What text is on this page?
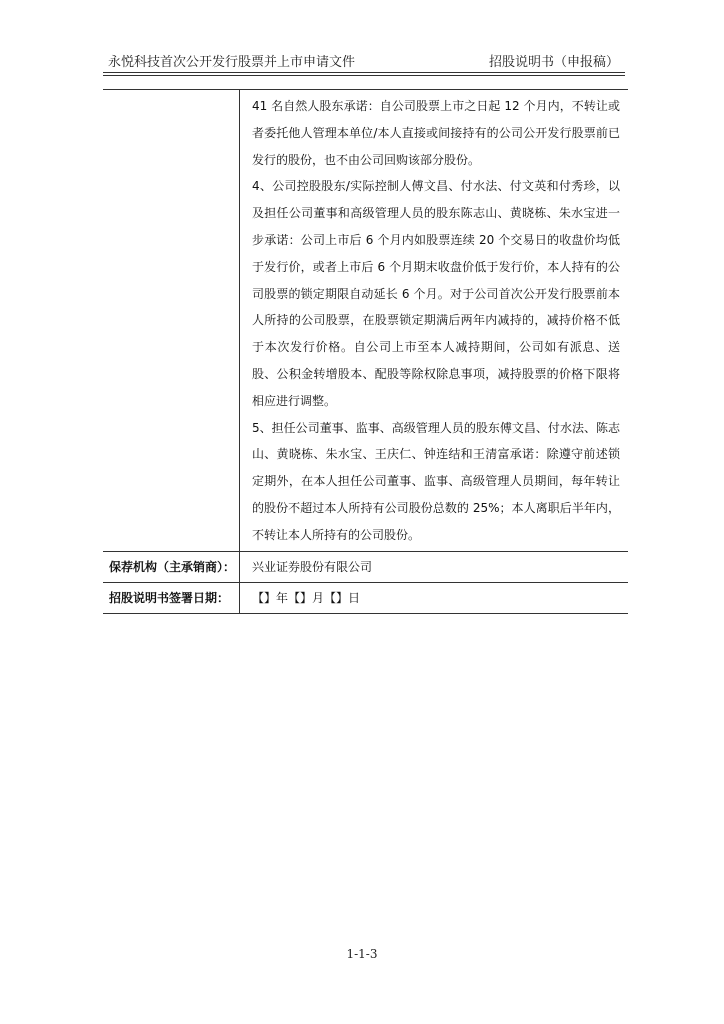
永悦科技首次公开发行股票并上市申请文件	招股说明书（申报稿）

41 名自然人股东承诺：自公司股票上市之日起 12 个月内，不转让或者委托他人管理本单位/本人直接或间接持有的公司公开发行股票前已发行的股份，也不由公司回购该部分股份。

4、公司控股股东/实际控制人傅文昌、付水法、付文英和付秀珍，以及担任公司董事和高级管理人员的股东陈志山、黄晓栋、朱水宝进一步承诺：公司上市后 6 个月内如股票连续 20 个交易日的收盘价均低于发行价，或者上市后 6 个月期末收盘价低于发行价，本人持有的公司股票的锁定期限自动延长 6 个月。对于公司首次公开发行股票前本人所持的公司股票，在股票锁定期满后两年内减持的，减持价格不低于本次发行价格。自公司上市至本人减持期间，公司如有派息、送股、公积金转增股本、配股等除权除息事项，减持股票的价格下限将相应进行调整。

5、担任公司董事、监事、高级管理人员的股东傅文昌、付水法、陈志山、黄晓栋、朱水宝、王庆仁、钟连结和王清富承诺：除遵守前述锁定期外，在本人担任公司董事、监事、高级管理人员期间，每年转让的股份不超过本人所持有公司股份总数的 25%；本人离职后半年内，不转让本人所持有的公司股份。

保荐机构（主承销商）：	兴业证券股份有限公司
招股说明书签署日期：	【】年【】月【】日
1-1-3
